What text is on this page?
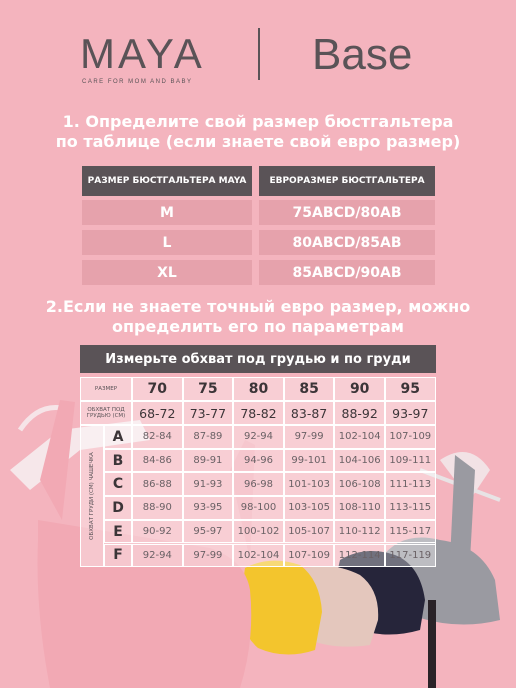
MAYA
CARE FOR MOM AND BABY
Base
1. Определите свой размер бюстгальтера
по таблице (если знаете свой евро размер)
РАЗМЕР БЮСТГАЛЬТЕРА MAYA	ЕВРОРАЗМЕР БЮСТГАЛЬТЕРА
M	75ABCD/80AB
L	80ABCD/85AB
XL	85ABCD/90AB
2.Если не знаете точный евро размер, можно
определить его по параметрам
Измерьте обхват под грудью и по груди
РАЗМЕР
ОБХВАТ ПОД ГРУДЬЮ (СМ)
ОБХВАТ ГРУДИ (СМ) ЧАШЕЧКА
70	75	80	85	90	95
68-72	73-77	78-82	83-87	88-92	93-97
A	82-84	87-89	92-94	97-99	102-104 107-109
B	84-86	89-91	94-96	99-101	104-106 109-111
C	86-88	91-93	96-98	101-103 106-108 111-113
D	88-90	93-95	98-100	103-105 108-110 113-115
E	90-92	95-97	100-102 105-107 110-112 115-117
F	92-94	97-99	102-104 107-109 112-114 117-119
